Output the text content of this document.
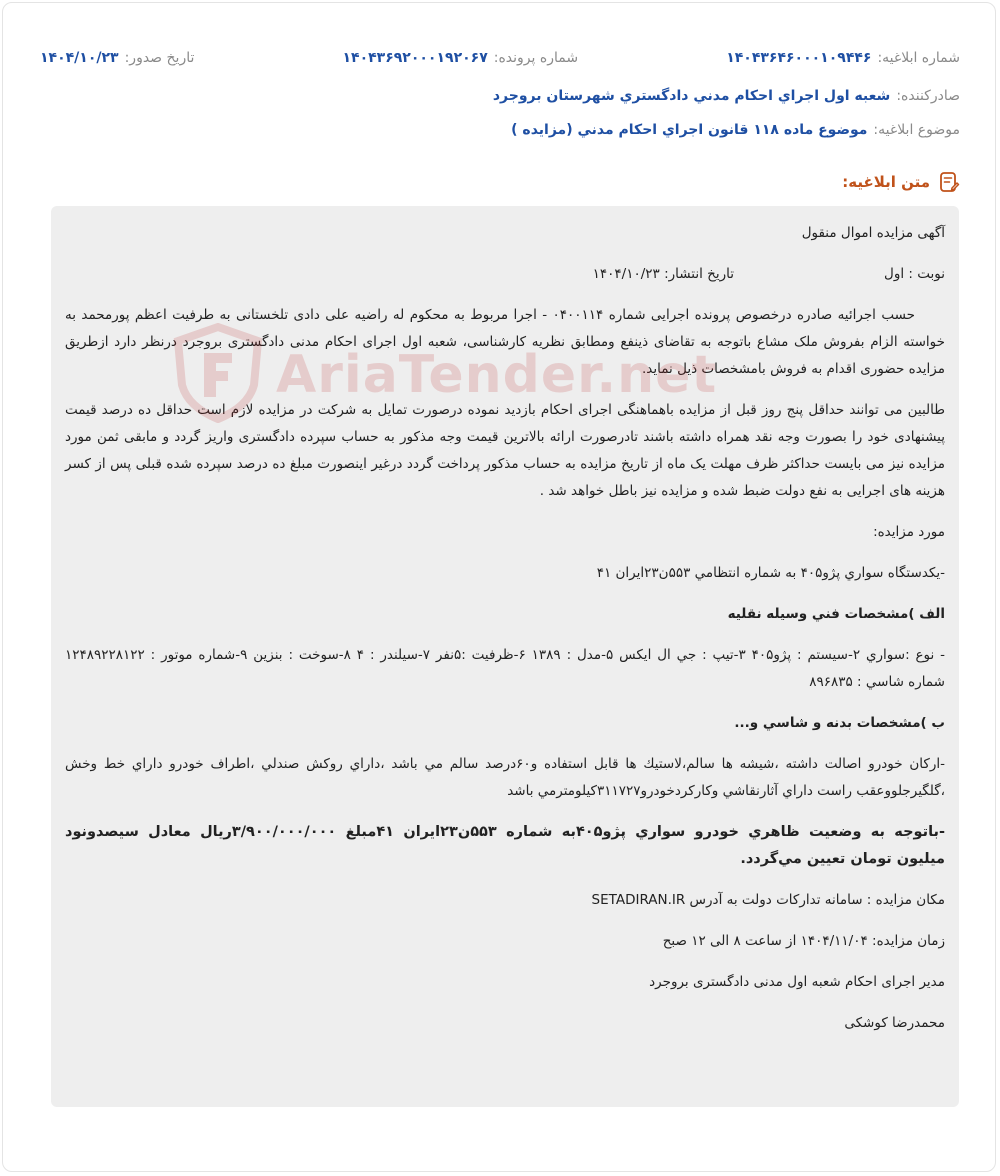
شماره ابلاغیه:۱۴۰۴۳۶۴۶۰۰۰۱۰۹۴۴۶
شماره پرونده:۱۴۰۴۳۶۹۲۰۰۰۱۹۲۰۶۷
تاریخ صدور:۱۴۰۴/۱۰/۲۳
صادرکننده:
شعبه اول اجراي احكام مدني دادگستري شهرستان بروجرد
موضوع ابلاغیه:
موضوع ماده ۱۱۸ قانون اجراي احكام مدني (مزايده )
متن ابلاغیه:

آگهی مزایده اموال منقول

نوبت : اول
تاریخ انتشار: ۱۴۰۴/۱۰/۲۳

حسب اجرائیه صادره درخصوص پرونده اجرایی شماره ۰۴۰۰۱۱۴ - اجرا مربوط به محکوم له راضیه علی دادی تلخستانی به طرفیت اعظم پورمحمد به خواسته الزام بفروش ملک مشاع باتوجه به تقاضای ذینفع ومطابق نظریه کارشناسی، شعبه اول اجرای احکام مدنی دادگستری بروجرد درنظر دارد ازطریق مزایده حضوری اقدام به فروش بامشخصات ذیل نماید.

طالبین می توانند حداقل پنج روز قبل از مزایده باهماهنگی اجرای احکام بازدید نموده درصورت تمایل به شرکت در مزایده لازم است حداقل ده درصد قیمت پیشنهادی خود را بصورت وجه نقد همراه داشته باشند تادرصورت ارائه بالاترین قیمت وجه مذکور به حساب سپرده دادگستری واریز گردد و مابقی ثمن مورد مزایده نیز می بایست حداکثر ظرف مهلت یک ماه از تاریخ مزایده به حساب مذکور پرداخت گردد درغیر اینصورت مبلغ ده درصد سپرده شده قبلی پس از کسر هزینه های اجرایی به نفع دولت ضبط شده و مزایده نیز باطل خواهد شد .

مورد مزایده:

-يكدستگاه سواري پژو۴۰۵ به شماره انتظامي ۵۵۳ن۲۳ايران ۴۱

الف )مشخصات فني وسيله نقليه

- نوع :سواري ۲-سيستم : پژو۴۰۵ ۳-تيپ : جي ال ايكس ۵-مدل : ۱۳۸۹ ۶-ظرفيت :۵نفر ۷-سيلندر : ۴ ۸-سوخت : بنزين ۹-شماره موتور : ۱۲۴۸۹۲۲۸۱۲۲ شماره شاسي : ۸۹۶۸۳۵

ب )مشخصات بدنه و شاسي و...

-اركان خودرو اصالت داشته ،شيشه ها سالم،لاستيك ها قابل استفاده و۶۰درصد سالم مي باشد ،داراي روكش صندلي ،اطراف خودرو داراي خط وخش ،گلگيرجلووعقب راست داراي آثارنقاشي وكاركردخودرو۳۱۱۷۲۷كيلومترمي باشد

-باتوجه به وضعيت ظاهري خودرو سواري پژو۴۰۵به شماره ۵۵۳ن۲۳ايران ۴۱مبلغ ۳/۹۰۰/۰۰۰/۰۰۰ريال معادل سيصدونود ميليون تومان تعيين مي‌گردد.

مکان مزایده : سامانه تدارکات دولت به آدرس SETADIRAN.IR

زمان مزایده: ۱۴۰۴/۱۱/۰۴ از ساعت ۸ الی ۱۲ صبح

مدیر اجرای احکام شعبه اول مدنی دادگستری بروجرد

محمدرضا کوشکی
